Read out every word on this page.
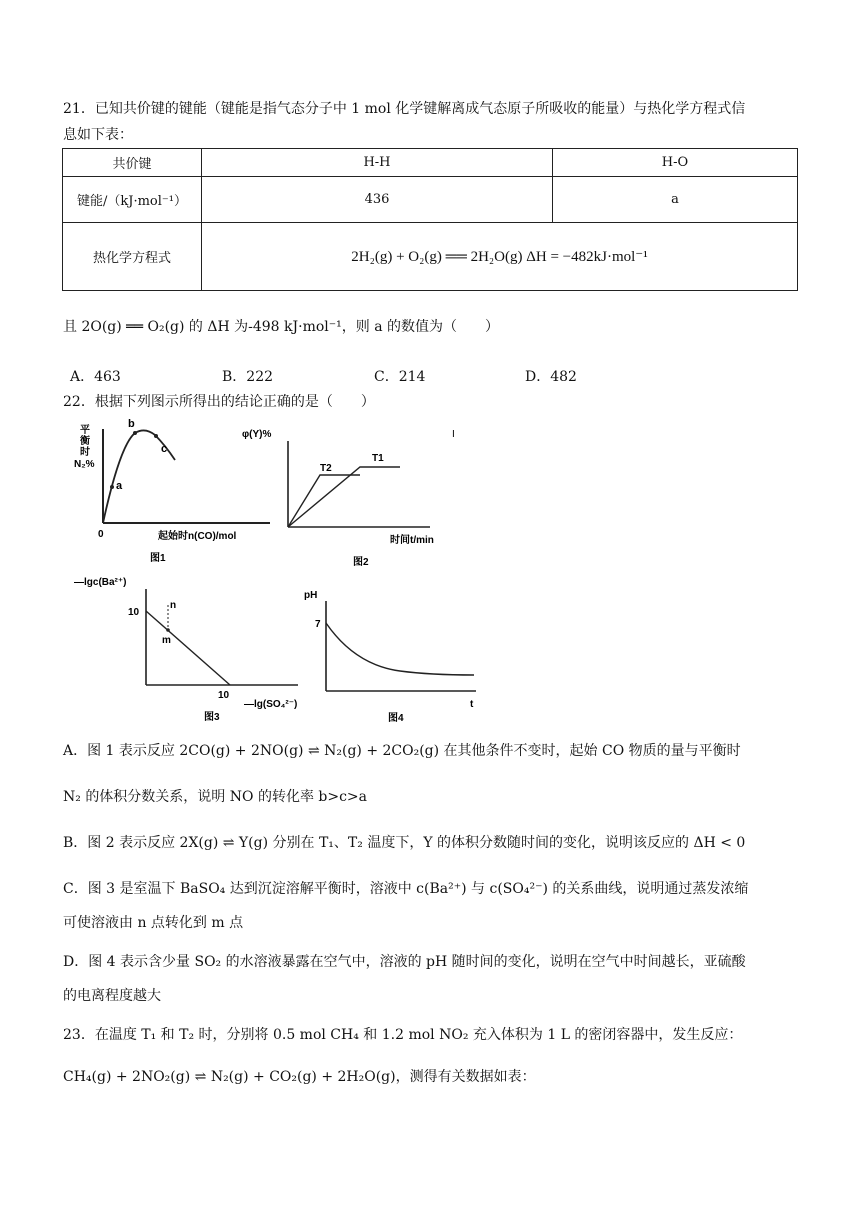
21．已知共价键的键能（键能是指气态分子中 1 mol 化学键解离成气态原子所吸收的能量）与热化学方程式信
息如下表：
共价键	H-H	H-O
键能/（kJ·mol⁻¹）	436	a
热化学方程式	2H₂(g) + O₂(g) ══ 2H₂O(g) ΔH = −482kJ·mol⁻¹	
且 2O(g) ══ O₂(g) 的 ΔH 为-498 kJ·mol⁻¹，则 a 的数值为（　　）
A．463	B．222	C．214	D．482
22．根据下列图示所得出的结论正确的是（　　）
平
衡
时
N₂%
a
b
c
0	起始时n(CO)/mol
图1
φ(Y)%	I
T2
T1
时间t/min
图2
—lgc(Ba²⁺)
10
n
m
10
—lg(SO₄²⁻)
图3
pH
7
t
图4
A．图 1 表示反应 2CO(g) + 2NO(g) ⇌ N₂(g) + 2CO₂(g) 在其他条件不变时，起始 CO 物质的量与平衡时
N₂ 的体积分数关系，说明 NO 的转化率 b>c>a
B．图 2 表示反应 2X(g) ⇌ Y(g) 分别在 T₁、T₂ 温度下，Y 的体积分数随时间的变化，说明该反应的 ΔH < 0
C．图 3 是室温下 BaSO₄ 达到沉淀溶解平衡时，溶液中 c(Ba²⁺) 与 c(SO₄²⁻) 的关系曲线，说明通过蒸发浓缩
可使溶液由 n 点转化到 m 点
D．图 4 表示含少量 SO₂ 的水溶液暴露在空气中，溶液的 pH 随时间的变化，说明在空气中时间越长，亚硫酸
的电离程度越大
23．在温度 T₁ 和 T₂ 时，分别将 0.5 mol CH₄ 和 1.2 mol NO₂ 充入体积为 1 L 的密闭容器中，发生反应：
CH₄(g) + 2NO₂(g) ⇌ N₂(g) + CO₂(g) + 2H₂O(g)，测得有关数据如表：
